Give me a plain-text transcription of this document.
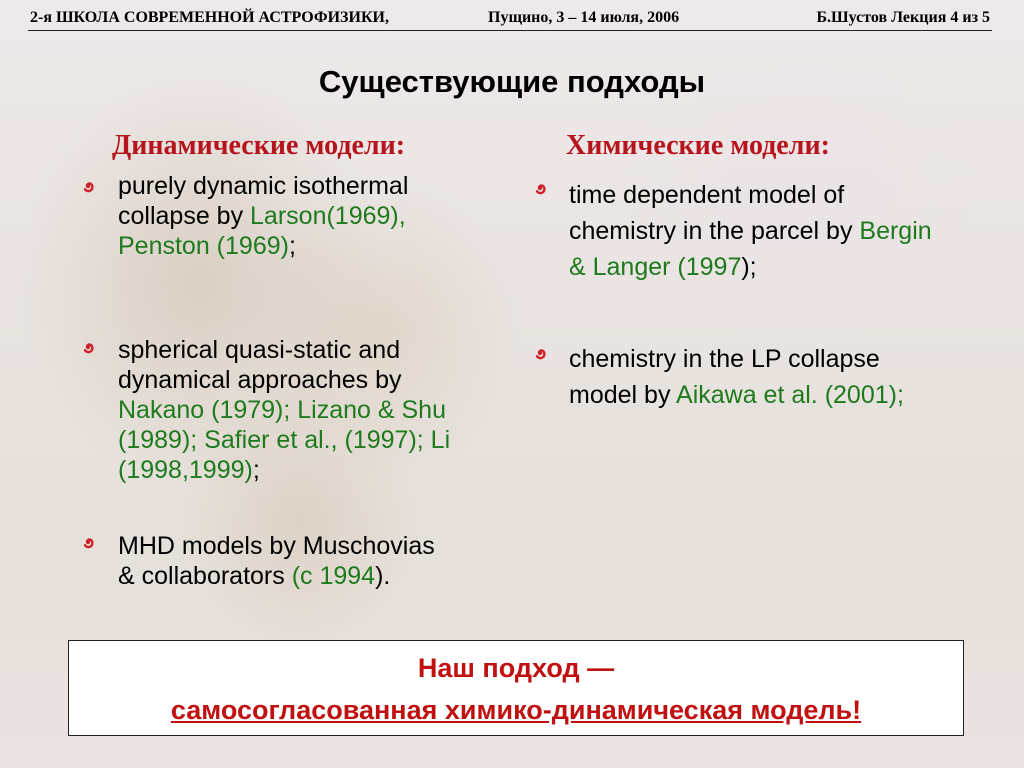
2-я ШКОЛА СОВРЕМЕННОЙ АСТРОФИЗИКИ,	Пущино, 3 – 14 июля, 2006	Б.Шустов Лекция 4 из 5
Существующие подходы
Динамические модели:	Химические модели:
purely dynamic isothermal collapse by Larson(1969), Penston (1969);
spherical quasi-static and dynamical approaches by Nakano (1979); Lizano & Shu (1989); Safier et al., (1997); Li (1998,1999);
MHD models by Muschovias & collaborators (c 1994).
time dependent model of chemistry in the parcel by Bergin & Langer (1997);
chemistry in the LP collapse model by Aikawa et al. (2001);
Наш подход —
самосогласованная химико-динамическая модель!
